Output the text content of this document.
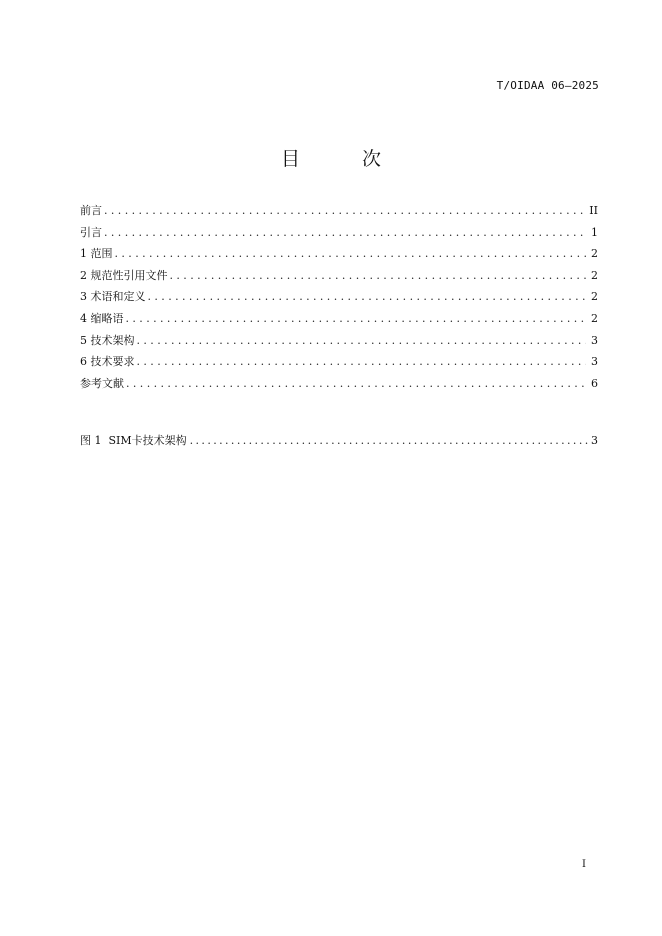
T/OIDAA 06—2025
目 次
前言 .....	II
引言 .....	1
1 范围 .....	2
2 规范性引用文件 .....	2
3 术语和定义 .....	2
4 缩略语 .....	2
5 技术架构 .....	3
6 技术要求 .....	3
参考文献 .....	6
图 1  SIM卡技术架构 .....	3
I
